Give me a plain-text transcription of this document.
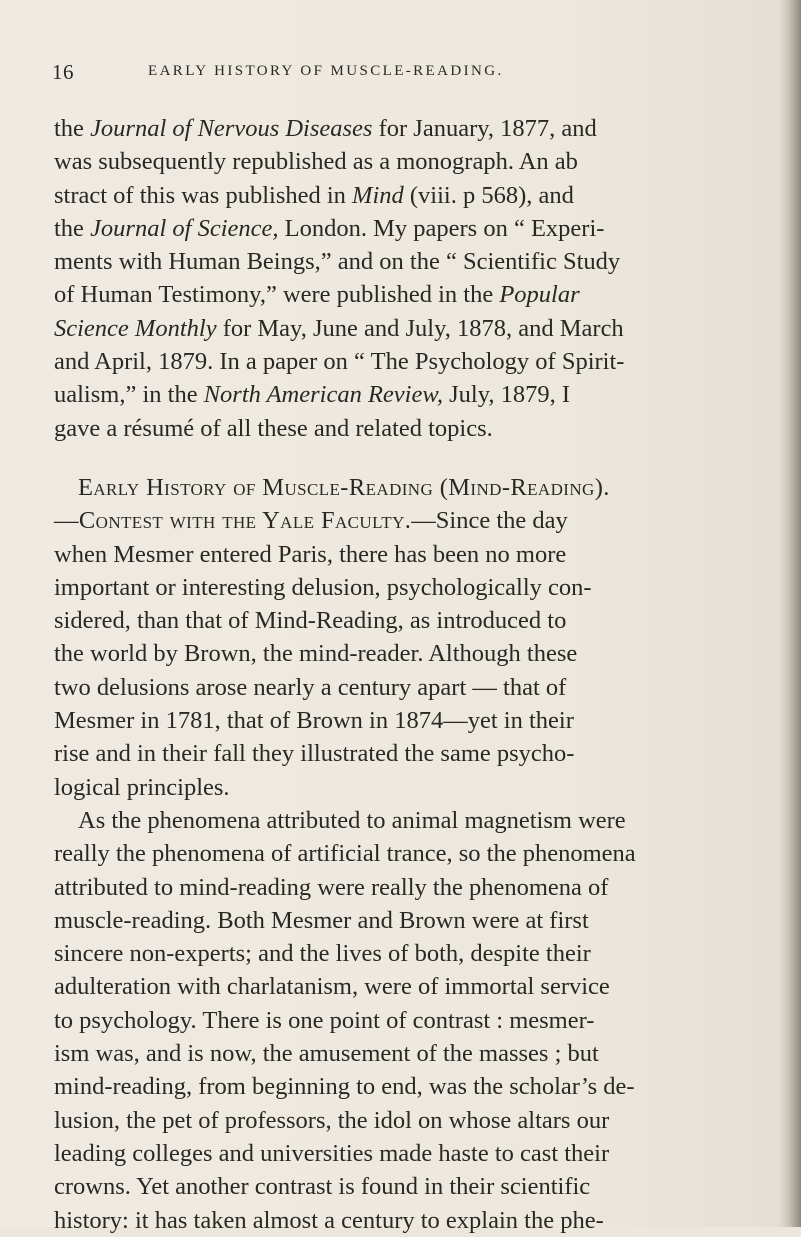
16	EARLY HISTORY OF MUSCLE-READING.
the Journal of Nervous Diseases for January, 1877, and
was subsequently republished as a monograph. An ab
stract of this was published in Mind (viii. p 568), and
the Journal of Science, London. My papers on “ Experi-
ments with Human Beings,” and on the “ Scientific Study
of Human Testimony,” were published in the Popular
Science Monthly for May, June and July, 1878, and March
and April, 1879. In a paper on “ The Psychology of Spirit-
ualism,” in the North American Review, July, 1879, I
gave a résumé of all these and related topics.
Early History of Muscle-Reading (Mind-Reading).
—Contest with the Yale Faculty.—Since the day
when Mesmer entered Paris, there has been no more
important or interesting delusion, psychologically con-
sidered, than that of Mind-Reading, as introduced to
the world by Brown, the mind-reader. Although these
two delusions arose nearly a century apart — that of
Mesmer in 1781, that of Brown in 1874—yet in their
rise and in their fall they illustrated the same psycho-
logical principles.
As the phenomena attributed to animal magnetism were
really the phenomena of artificial trance, so the phenomena
attributed to mind-reading were really the phenomena of
muscle-reading. Both Mesmer and Brown were at first
sincere non-experts; and the lives of both, despite their
adulteration with charlatanism, were of immortal service
to psychology. There is one point of contrast : mesmer-
ism was, and is now, the amusement of the masses ; but
mind-reading, from beginning to end, was the scholar’s de-
lusion, the pet of professors, the idol on whose altars our
leading colleges and universities made haste to cast their
crowns. Yet another contrast is found in their scientific
history: it has taken almost a century to explain the phe-
